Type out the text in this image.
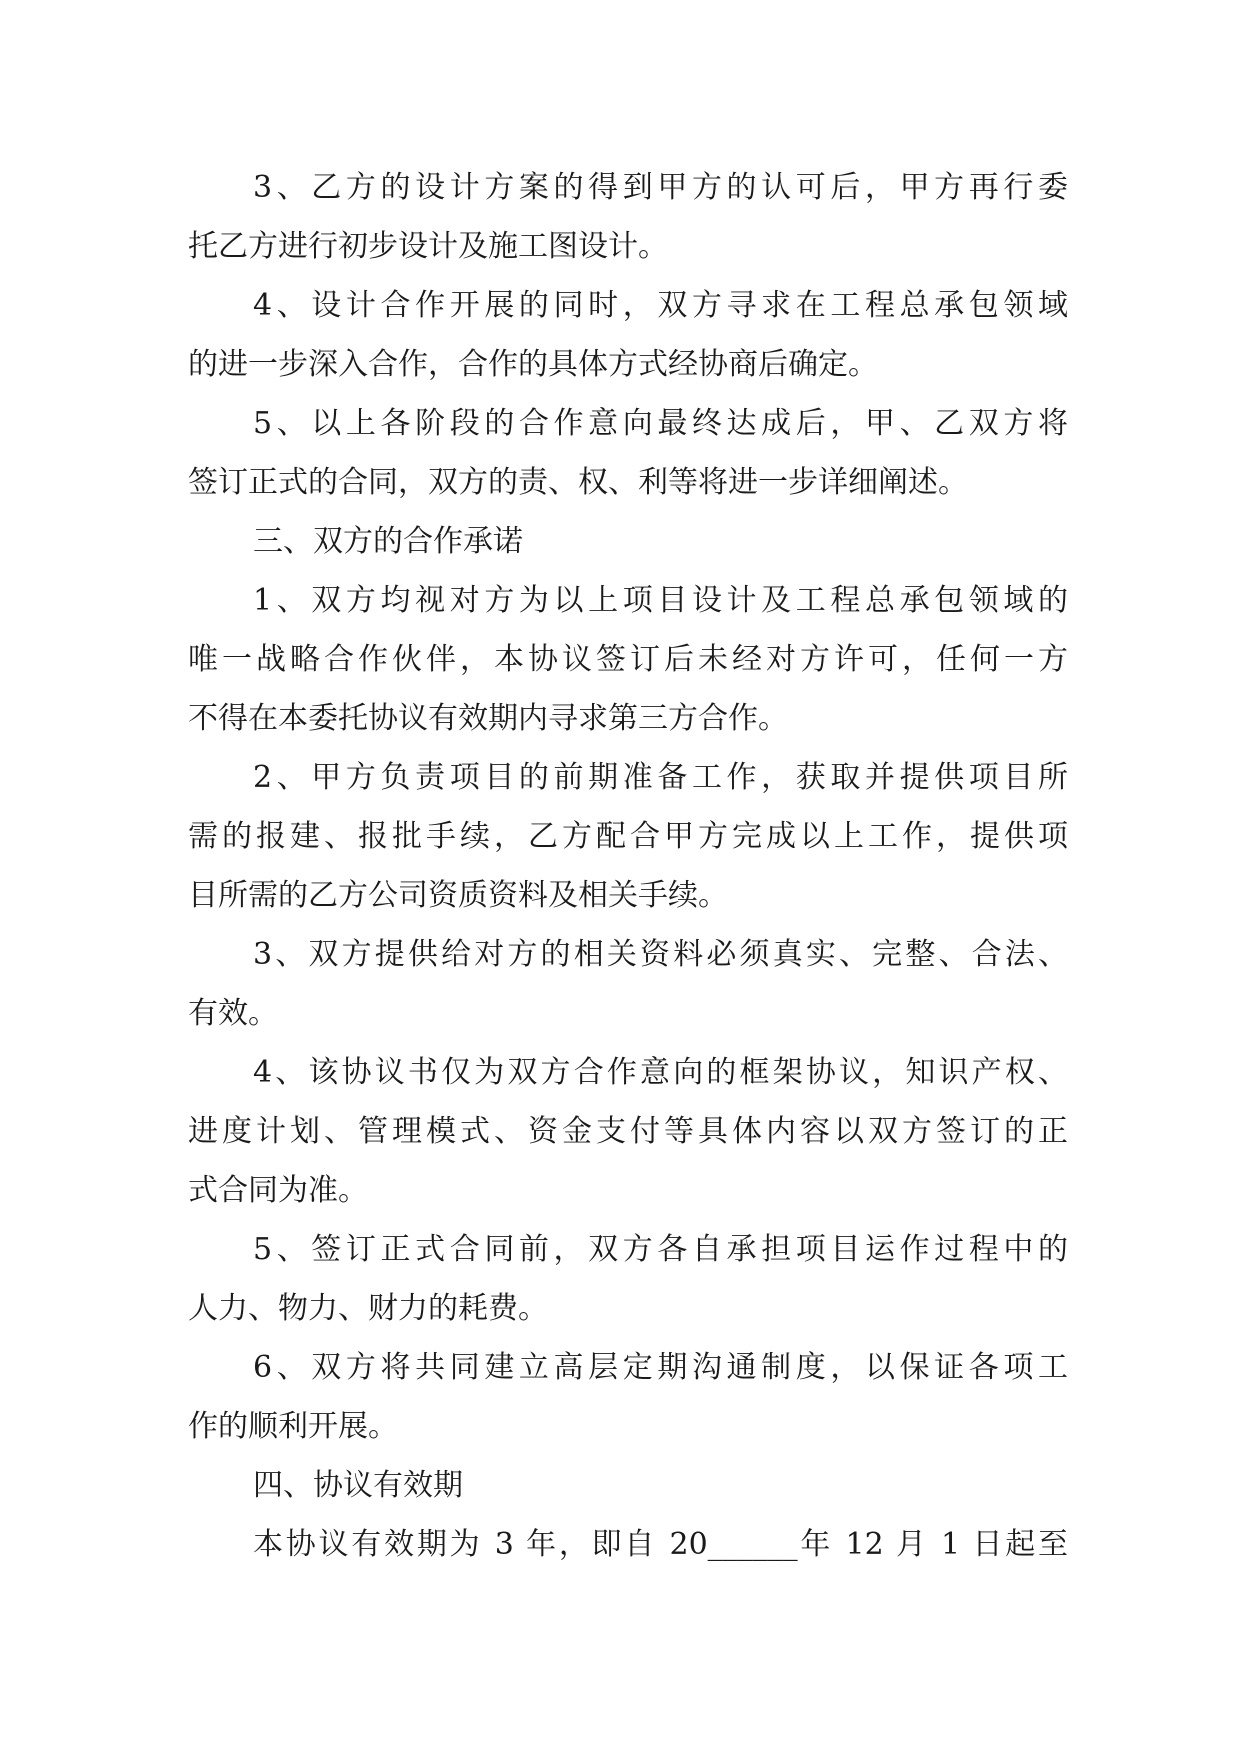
3、乙方的设计方案的得到甲方的认可后，甲方再行委
托乙方进行初步设计及施工图设计。
4、设计合作开展的同时，双方寻求在工程总承包领域
的进一步深入合作，合作的具体方式经协商后确定。
5、以上各阶段的合作意向最终达成后，甲、乙双方将
签订正式的合同，双方的责、权、利等将进一步详细阐述。
三、双方的合作承诺
1、双方均视对方为以上项目设计及工程总承包领域的
唯一战略合作伙伴，本协议签订后未经对方许可，任何一方
不得在本委托协议有效期内寻求第三方合作。
2、甲方负责项目的前期准备工作，获取并提供项目所
需的报建、报批手续，乙方配合甲方完成以上工作，提供项
目所需的乙方公司资质资料及相关手续。
3、双方提供给对方的相关资料必须真实、完整、合法、
有效。
4、该协议书仅为双方合作意向的框架协议，知识产权、
进度计划、管理模式、资金支付等具体内容以双方签订的正
式合同为准。
5、签订正式合同前，双方各自承担项目运作过程中的
人力、物力、财力的耗费。
6、双方将共同建立高层定期沟通制度，以保证各项工
作的顺利开展。
四、协议有效期
本协议有效期为 3 年，即自 20______年 12 月 1 日起至
